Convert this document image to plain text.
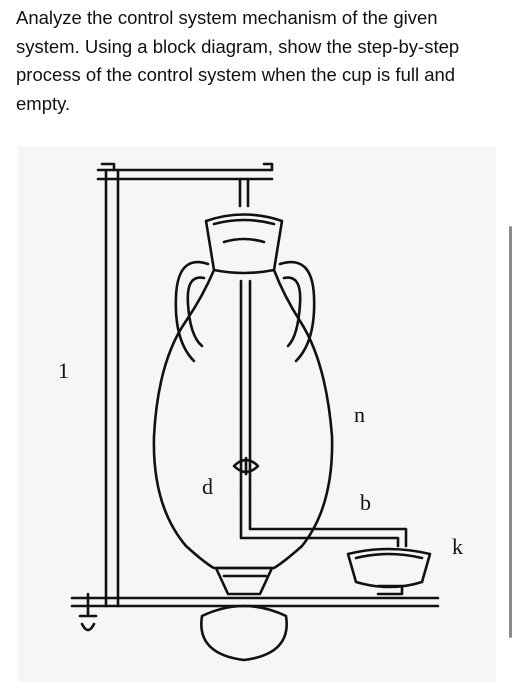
Analyze the control system mechanism of the given system. Using a block diagram, show the step-by-step process of the control system when the cup is full and empty.

1
n
d
b
k
